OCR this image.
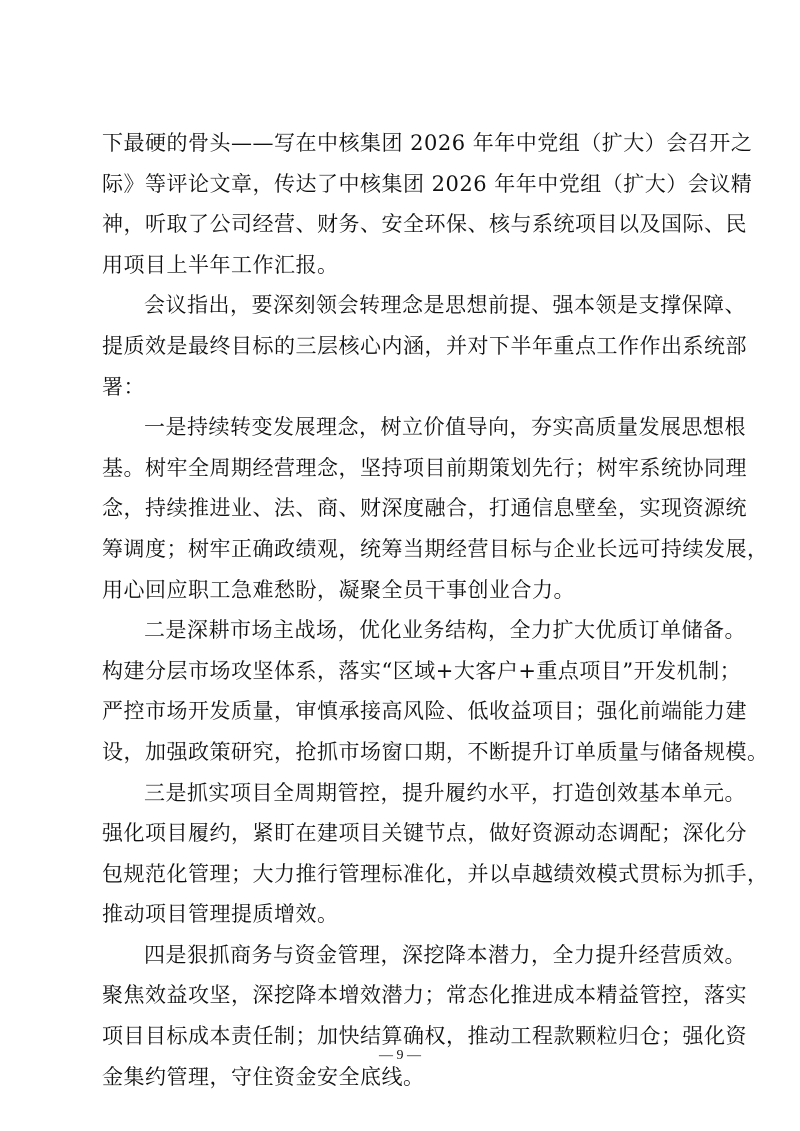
下最硬的骨头——写在中核集团 2026 年年中党组（扩大）会召开之
际》等评论文章，传达了中核集团 2026 年年中党组（扩大）会议精
神，听取了公司经营、财务、安全环保、核与系统项目以及国际、民
用项目上半年工作汇报。
会议指出，要深刻领会转理念是思想前提、强本领是支撑保障、
提质效是最终目标的三层核心内涵，并对下半年重点工作作出系统部
署：
一是持续转变发展理念，树立价值导向，夯实高质量发展思想根
基。树牢全周期经营理念，坚持项目前期策划先行；树牢系统协同理
念，持续推进业、法、商、财深度融合，打通信息壁垒，实现资源统
筹调度；树牢正确政绩观，统筹当期经营目标与企业长远可持续发展，
用心回应职工急难愁盼，凝聚全员干事创业合力。
二是深耕市场主战场，优化业务结构，全力扩大优质订单储备。
构建分层市场攻坚体系，落实“区域+大客户+重点项目”开发机制；
严控市场开发质量，审慎承接高风险、低收益项目；强化前端能力建
设，加强政策研究，抢抓市场窗口期，不断提升订单质量与储备规模。
三是抓实项目全周期管控，提升履约水平，打造创效基本单元。
强化项目履约，紧盯在建项目关键节点，做好资源动态调配；深化分
包规范化管理；大力推行管理标准化，并以卓越绩效模式贯标为抓手，
推动项目管理提质增效。
四是狠抓商务与资金管理，深挖降本潜力，全力提升经营质效。
聚焦效益攻坚，深挖降本增效潜力；常态化推进成本精益管控，落实
项目目标成本责任制；加快结算确权，推动工程款颗粒归仓；强化资
金集约管理，守住资金安全底线。
— 9 —
